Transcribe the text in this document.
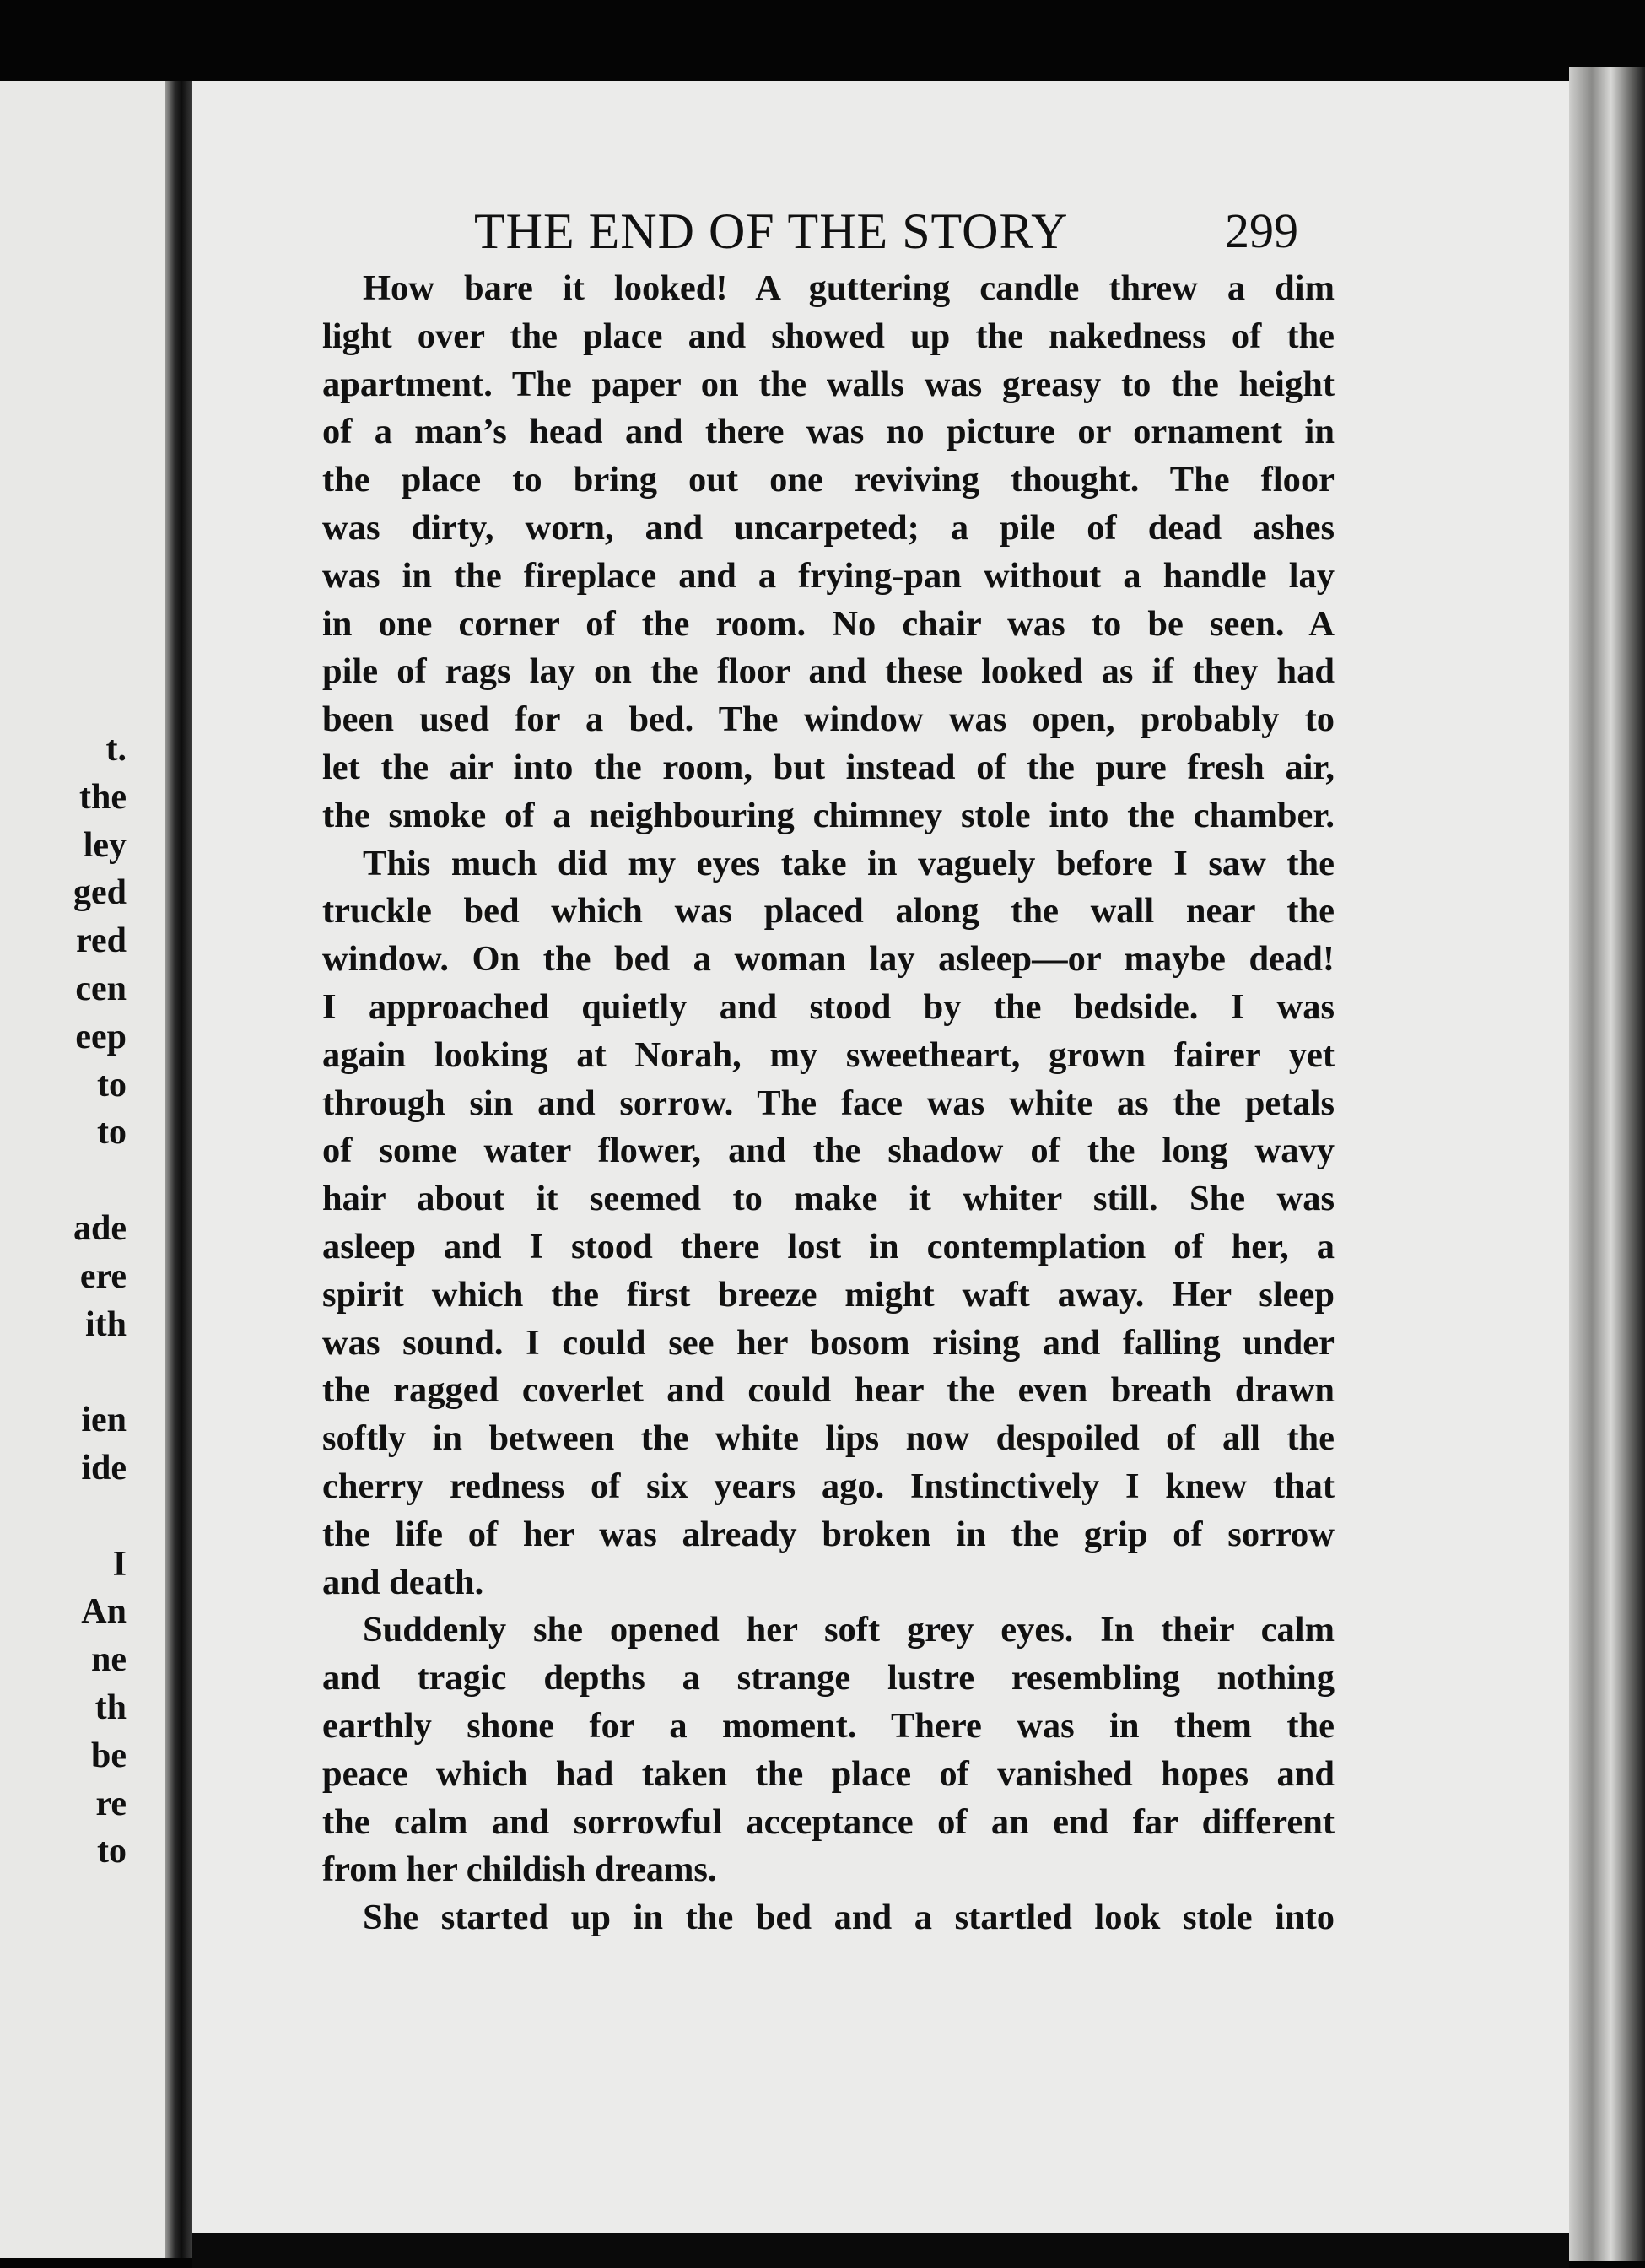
t.
the
ley
ged
red
cen
eep
to
to
ade
ere
ith
ien
ide
I
An
ne
th
be
re
to
THE END OF THE STORY	299
How bare it looked! A guttering candle threw a dim
light over the place and showed up the nakedness of the
apartment. The paper on the walls was greasy to the height
of a man’s head and there was no picture or ornament in
the place to bring out one reviving thought. The floor
was dirty, worn, and uncarpeted; a pile of dead ashes
was in the fireplace and a frying-pan without a handle lay
in one corner of the room. No chair was to be seen. A
pile of rags lay on the floor and these looked as if they had
been used for a bed. The window was open, probably to
let the air into the room, but instead of the pure fresh air,
the smoke of a neighbouring chimney stole into the chamber.
This much did my eyes take in vaguely before I saw the
truckle bed which was placed along the wall near the
window. On the bed a woman lay asleep—or maybe dead!
I approached quietly and stood by the bedside. I was
again looking at Norah, my sweetheart, grown fairer yet
through sin and sorrow. The face was white as the petals
of some water flower, and the shadow of the long wavy
hair about it seemed to make it whiter still. She was
asleep and I stood there lost in contemplation of her, a
spirit which the first breeze might waft away. Her sleep
was sound. I could see her bosom rising and falling under
the ragged coverlet and could hear the even breath drawn
softly in between the white lips now despoiled of all the
cherry redness of six years ago. Instinctively I knew that
the life of her was already broken in the grip of sorrow
and death.
Suddenly she opened her soft grey eyes. In their calm
and tragic depths a strange lustre resembling nothing
earthly shone for a moment. There was in them the
peace which had taken the place of vanished hopes and
the calm and sorrowful acceptance of an end far different
from her childish dreams.
She started up in the bed and a startled look stole into
